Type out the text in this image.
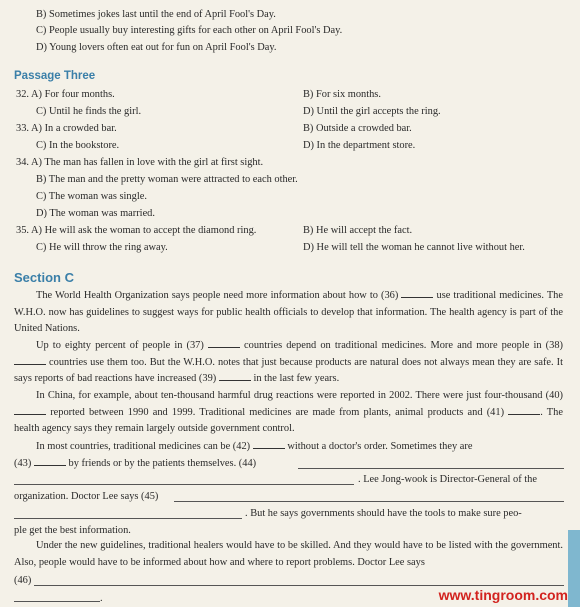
B) Sometimes jokes last until the end of April Fool's Day.
C) People usually buy interesting gifts for each other on April Fool's Day.
D) Young lovers often eat out for fun on April Fool's Day.
Passage Three
32. A) For four months.	B) For six months.
C) Until he finds the girl.	D) Until the girl accepts the ring.
33. A) In a crowded bar.	B) Outside a crowded bar.
C) In the bookstore.	D) In the department store.
34. A) The man has fallen in love with the girl at first sight.
B) The man and the pretty woman were attracted to each other.
C) The woman was single.
D) The woman was married.
35. A) He will ask the woman to accept the diamond ring.	B) He will accept the fact.
C) He will throw the ring away.	D) He will tell the woman he cannot live without her.
Section C
The World Health Organization says people need more information about how to (36)	use traditional medicines. The W.H.O. now has guidelines to suggest ways for public health officials to develop that information. The health agency is part of the United Nations.
Up to eighty percent of people in (37)	countries depend on traditional medicines. More and more people in (38)  countries use them too. But the W.H.O. notes that just because products are natural does not always mean they are safe. It says reports of bad reactions have increased (39)	in the last few years.
In China, for example, about ten-thousand harmful drug reactions were reported in 2002. There were just four-thousand (40)  reported between 1990 and 1999. Traditional medicines are made from plants, animal products and (41)	. The health agency says they remain largely outside government control.
In most countries, traditional medicines can be (42)	without a doctor's order. Sometimes they are
(43)	by friends or by the patients themselves. (44)
. Lee Jong-wook is Director-General of the
organization. Doctor Lee says (45)
. But he says governments should have the tools to make sure peo-
ple get the best information.
Under the new guidelines, traditional healers would have to be skilled. And they would have to be listed with the government. Also, people would have to be informed about how and where to report problems. Doctor Lee says
(46)
.	www.tingroom.com
